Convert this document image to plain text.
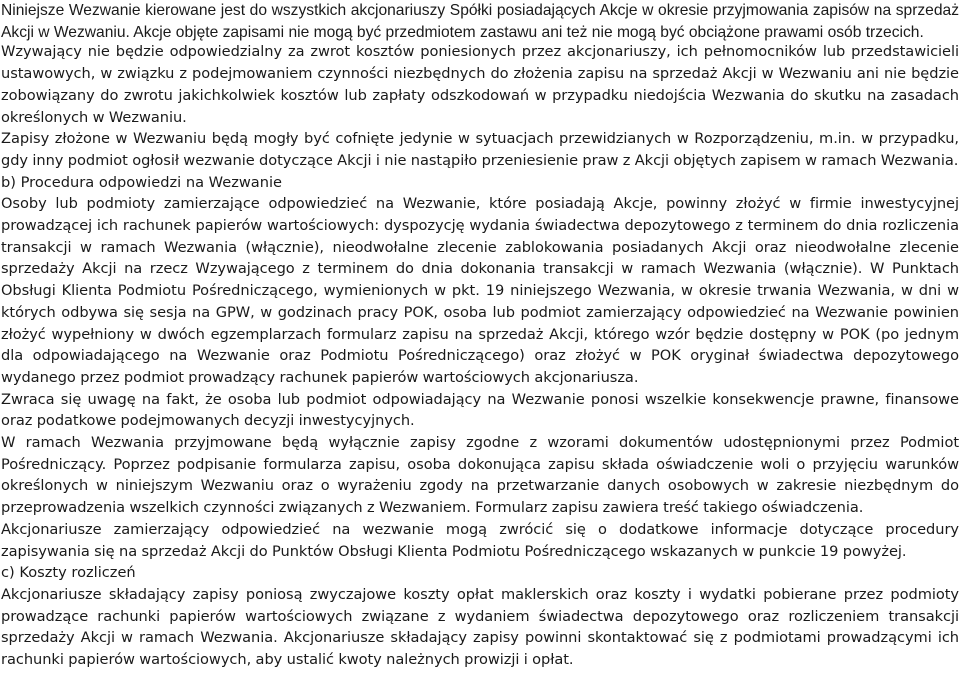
Niniejsze Wezwanie kierowane jest do wszystkich akcjonariuszy Spółki posiadających Akcje w okresie przyjmowania zapisów na sprzedaż Akcji w Wezwaniu. Akcje objęte zapisami nie mogą być przedmiotem zastawu ani też nie mogą być obciążone prawami osób trzecich.

Wzywający nie będzie odpowiedzialny za zwrot kosztów poniesionych przez akcjonariuszy, ich pełnomocników lub przedstawicieli ustawowych, w związku z podejmowaniem czynności niezbędnych do złożenia zapisu na sprzedaż Akcji w Wezwaniu ani nie będzie zobowiązany do zwrotu jakichkolwiek kosztów lub zapłaty odszkodowań w przypadku niedojścia Wezwania do skutku na zasadach określonych w Wezwaniu.

Zapisy złożone w Wezwaniu będą mogły być cofnięte jedynie w sytuacjach przewidzianych w Rozporządzeniu, m.in. w przypadku, gdy inny podmiot ogłosił wezwanie dotyczące Akcji i nie nastąpiło przeniesienie praw z Akcji objętych zapisem w ramach Wezwania.

b) Procedura odpowiedzi na Wezwanie

Osoby lub podmioty zamierzające odpowiedzieć na Wezwanie, które posiadają Akcje, powinny złożyć w firmie inwestycyjnej prowadzącej ich rachunek papierów wartościowych: dyspozycję wydania świadectwa depozytowego z terminem do dnia rozliczenia transakcji w ramach Wezwania (włącznie), nieodwołalne zlecenie zablokowania posiadanych Akcji oraz nieodwołalne zlecenie sprzedaży Akcji na rzecz Wzywającego z terminem do dnia dokonania transakcji w ramach Wezwania (włącznie). W Punktach Obsługi Klienta Podmiotu Pośredniczącego, wymienionych w pkt. 19 niniejszego Wezwania, w okresie trwania Wezwania, w dni w których odbywa się sesja na GPW, w godzinach pracy POK, osoba lub podmiot zamierzający odpowiedzieć na Wezwanie powinien złożyć wypełniony w dwóch egzemplarzach formularz zapisu na sprzedaż Akcji, którego wzór będzie dostępny w POK (po jednym dla odpowiadającego na Wezwanie oraz Podmiotu Pośredniczącego) oraz złożyć w POK oryginał świadectwa depozytowego wydanego przez podmiot prowadzący rachunek papierów wartościowych akcjonariusza.

Zwraca się uwagę na fakt, że osoba lub podmiot odpowiadający na Wezwanie ponosi wszelkie konsekwencje prawne, finansowe oraz podatkowe podejmowanych decyzji inwestycyjnych.

W ramach Wezwania przyjmowane będą wyłącznie zapisy zgodne z wzorami dokumentów udostępnionymi przez Podmiot Pośredniczący. Poprzez podpisanie formularza zapisu, osoba dokonująca zapisu składa oświadczenie woli o przyjęciu warunków określonych w niniejszym Wezwaniu oraz o wyrażeniu zgody na przetwarzanie danych osobowych w zakresie niezbędnym do przeprowadzenia wszelkich czynności związanych z Wezwaniem. Formularz zapisu zawiera treść takiego oświadczenia.

Akcjonariusze zamierzający odpowiedzieć na wezwanie mogą zwrócić się o dodatkowe informacje dotyczące procedury zapisywania się na sprzedaż Akcji do Punktów Obsługi Klienta Podmiotu Pośredniczącego wskazanych w punkcie 19 powyżej.

c) Koszty rozliczeń

Akcjonariusze składający zapisy poniosą zwyczajowe koszty opłat maklerskich oraz koszty i wydatki pobierane przez podmioty prowadzące rachunki papierów wartościowych związane z wydaniem świadectwa depozytowego oraz rozliczeniem transakcji sprzedaży Akcji w ramach Wezwania. Akcjonariusze składający zapisy powinni skontaktować się z podmiotami prowadzącymi ich rachunki papierów wartościowych, aby ustalić kwoty należnych prowizji i opłat.
